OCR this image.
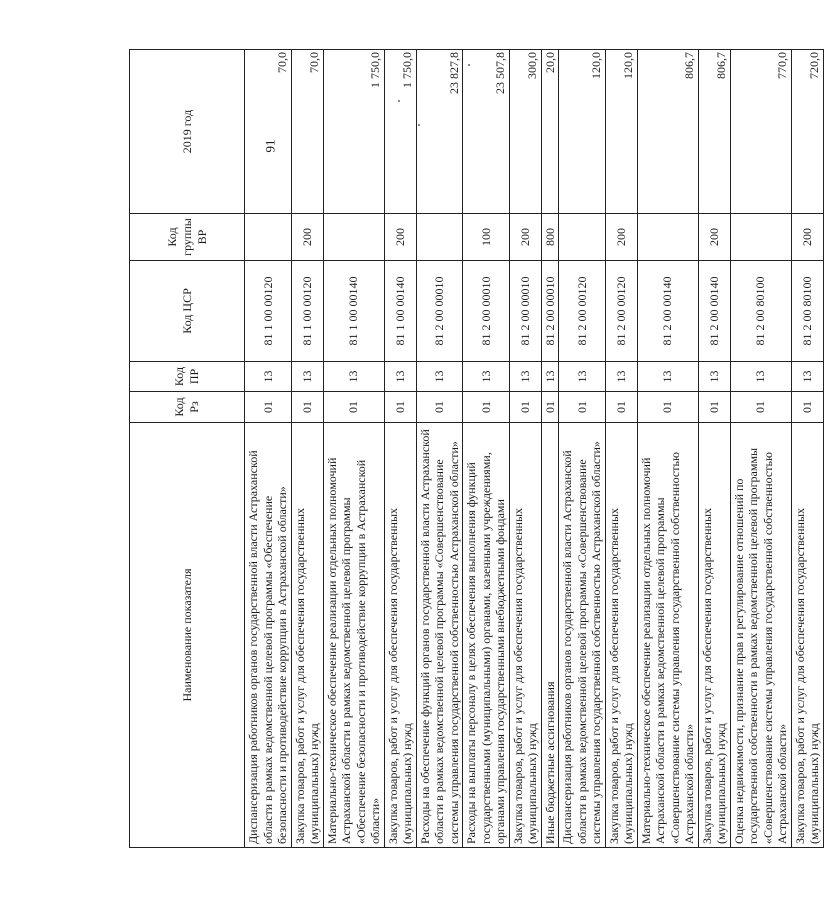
91
Наименование показателя	Код Рз	Код ПР	Код ЦСР	Код группы ВР	2019 год
Диспансеризация работников органов государственной власти Астраханской области в рамках ведомственной целевой программы «Обеспечение безопасности и противодействие коррупции в Астраханской области»	01	13	81 1 00 00120		70,0
Закупка товаров, работ и услуг для обеспечения государственных (муниципальных) нужд	01	13	81 1 00 00120	200	70,0
Материально-техническое обеспечение реализации отдельных полномочий Астраханской области в рамках ведомственной целевой программы «Обеспечение безопасности и противодействие коррупции в Астраханской области»	01	13	81 1 00 00140		1 750,0
Закупка товаров, работ и услуг для обеспечения государственных (муниципальных) нужд	01	13	81 1 00 00140	200	1 750,0
Расходы на обеспечение функций органов государственной власти Астраханской области в рамках ведомственной целевой программы «Совершенствование системы управления государственной собственностью Астраханской области»	01	13	81 2 00 00010		23 827,8
Расходы на выплаты персоналу в целях обеспечения выполнения функций государственными (муниципальными) органами, казенными учреждениями, органами управления государственными внебюджетными фондами	01	13	81 2 00 00010	100	23 507,8
Закупка товаров, работ и услуг для обеспечения государственных (муниципальных) нужд	01	13	81 2 00 00010	200	300,0
Иные бюджетные ассигнования	01	13	81 2 00 00010	800	20,0
Диспансеризация работников органов государственной власти Астраханской области в рамках ведомственной целевой программы «Совершенствование системы управления государственной собственностью Астраханской области»	01	13	81 2 00 00120		120,0
Закупка товаров, работ и услуг для обеспечения государственных (муниципальных) нужд	01	13	81 2 00 00120	200	120,0
Материально-техническое обеспечение реализации отдельных полномочий Астраханской области в рамках ведомственной целевой программы «Совершенствование системы управления государственной собственностью Астраханской области»	01	13	81 2 00 00140		806,7
Закупка товаров, работ и услуг для обеспечения государственных (муниципальных) нужд	01	13	81 2 00 00140	200	806,7
Оценка недвижимости, признание прав и регулирование отношений по государственной собственности в рамках ведомственной целевой программы «Совершенствование системы управления государственной собственностью Астраханской области»	01	13	81 2 00 80100		770,0
Закупка товаров, работ и услуг для обеспечения государственных (муниципальных) нужд	01	13	81 2 00 80100	200	720,0
